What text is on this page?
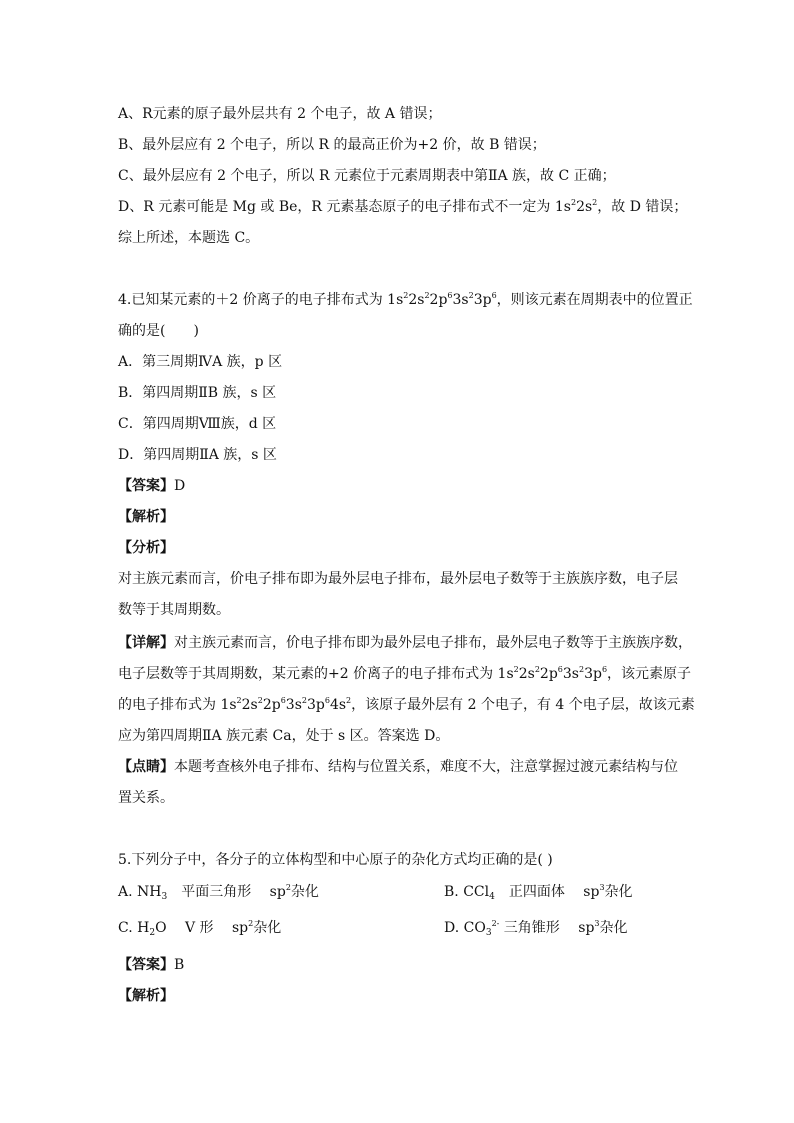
A、R元素的原子最外层共有 2 个电子，故 A 错误；
B、最外层应有 2 个电子，所以 R 的最高正价为+2 价，故 B 错误；
C、最外层应有 2 个电子，所以 R 元素位于元素周期表中第ⅡA 族，故 C 正确；
D、R 元素可能是 Mg 或 Be，R 元素基态原子的电子排布式不一定为 $1s^22s^2$，故 D 错误；
综上所述，本题选 C。
4.已知某元素的＋2 价离子的电子排布式为 $1s^22s^22p^63s^23p^6$，则该元素在周期表中的位置正
确的是(　　)
A．第三周期ⅣA 族，p 区
B．第四周期ⅡB 族，s 区
C．第四周期Ⅷ族，d 区
D．第四周期ⅡA 族，s 区
【答案】D
【解析】
【分析】
对主族元素而言，价电子排布即为最外层电子排布，最外层电子数等于主族族序数，电子层
数等于其周期数。
【详解】对主族元素而言，价电子排布即为最外层电子排布，最外层电子数等于主族族序数，
电子层数等于其周期数，某元素的+2 价离子的电子排布式为 $1s^22s^22p^63s^23p^6$，该元素原子
的电子排布式为 $1s^22s^22p^63s^23p^64s^2$，该原子最外层有 2 个电子，有 4 个电子层，故该元素
应为第四周期ⅡA 族元素 Ca，处于 s 区。答案选 D。
【点睛】本题考查核外电子排布、结构与位置关系，难度不大，注意掌握过渡元素结构与位
置关系。
5.下列分子中，各分子的立体构型和中心原子的杂化方式均正确的是( )
A. $NH_3$　平面三角形　 $sp^2$杂化	B. CCl$_4$　正四面体　 $sp^3$杂化
C. $H_2O$　 V 形　 $sp^2$杂化	D. $CO_3^{2-}$ 三角锥形　 $sp^3$杂化
【答案】B
【解析】
